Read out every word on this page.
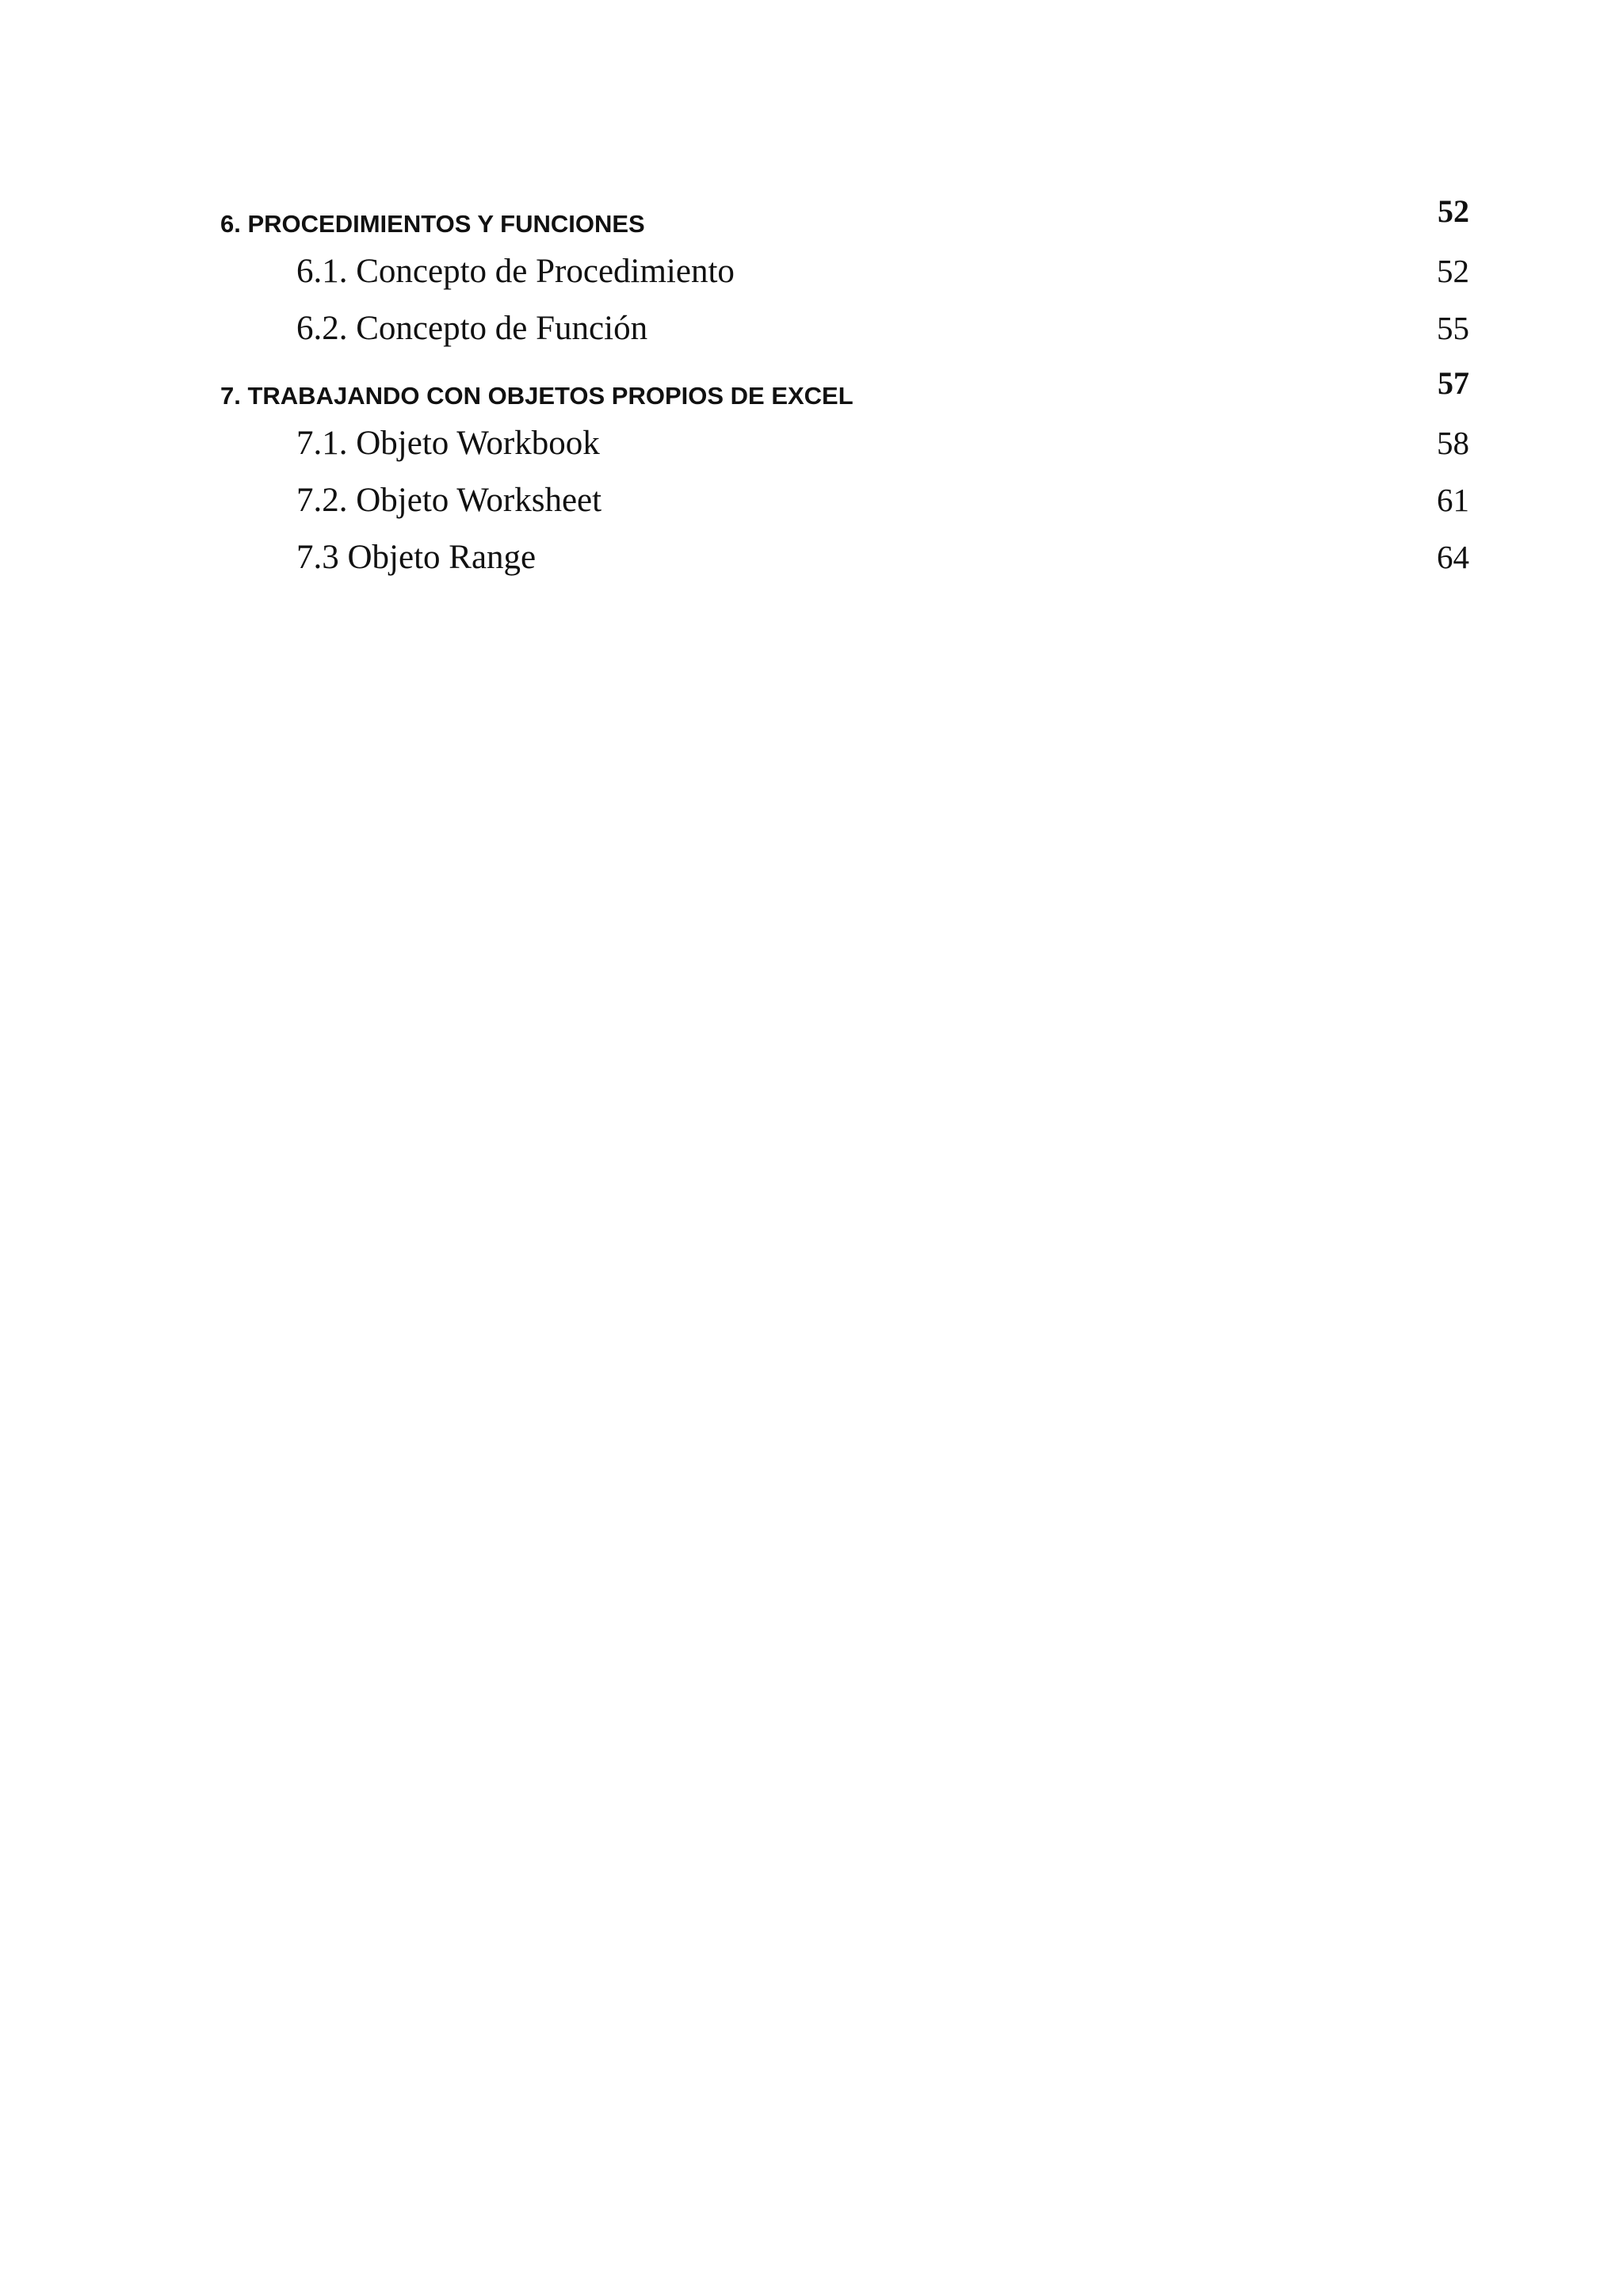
6. PROCEDIMIENTOS Y FUNCIONES	52
6.1. Concepto de Procedimiento	52
6.2. Concepto de Función	55
7. TRABAJANDO CON OBJETOS PROPIOS DE EXCEL	57
7.1. Objeto Workbook	58
7.2. Objeto Worksheet	61
7.3 Objeto Range	64
